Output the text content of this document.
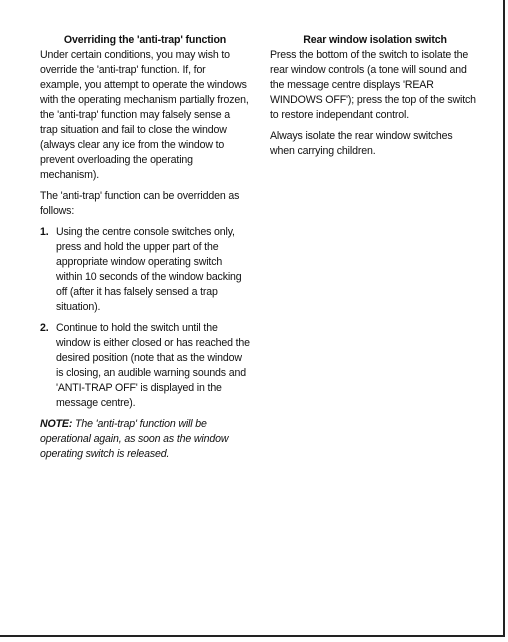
Overriding the 'anti-trap' function

Under certain conditions, you may wish to override the 'anti-trap' function. If, for example, you attempt to operate the windows with the operating mechanism partially frozen, the 'anti-trap' function may falsely sense a trap situation and fail to close the window (always clear any ice from the window to prevent overloading the operating mechanism).

The 'anti-trap' function can be overridden as follows:

1. Using the centre console switches only, press and hold the upper part of the appropriate window operating switch within 10 seconds of the window backing off (after it has falsely sensed a trap situation).
2. Continue to hold the switch until the window is either closed or has reached the desired position (note that as the window is closing, an audible warning sounds and 'ANTI-TRAP OFF' is displayed in the message centre).

NOTE: The 'anti-trap' function will be operational again, as soon as the window operating switch is released.

Rear window isolation switch

Press the bottom of the switch to isolate the rear window controls (a tone will sound and the message centre displays 'REAR WINDOWS OFF'); press the top of the switch to restore independant control.

Always isolate the rear window switches when carrying children.
